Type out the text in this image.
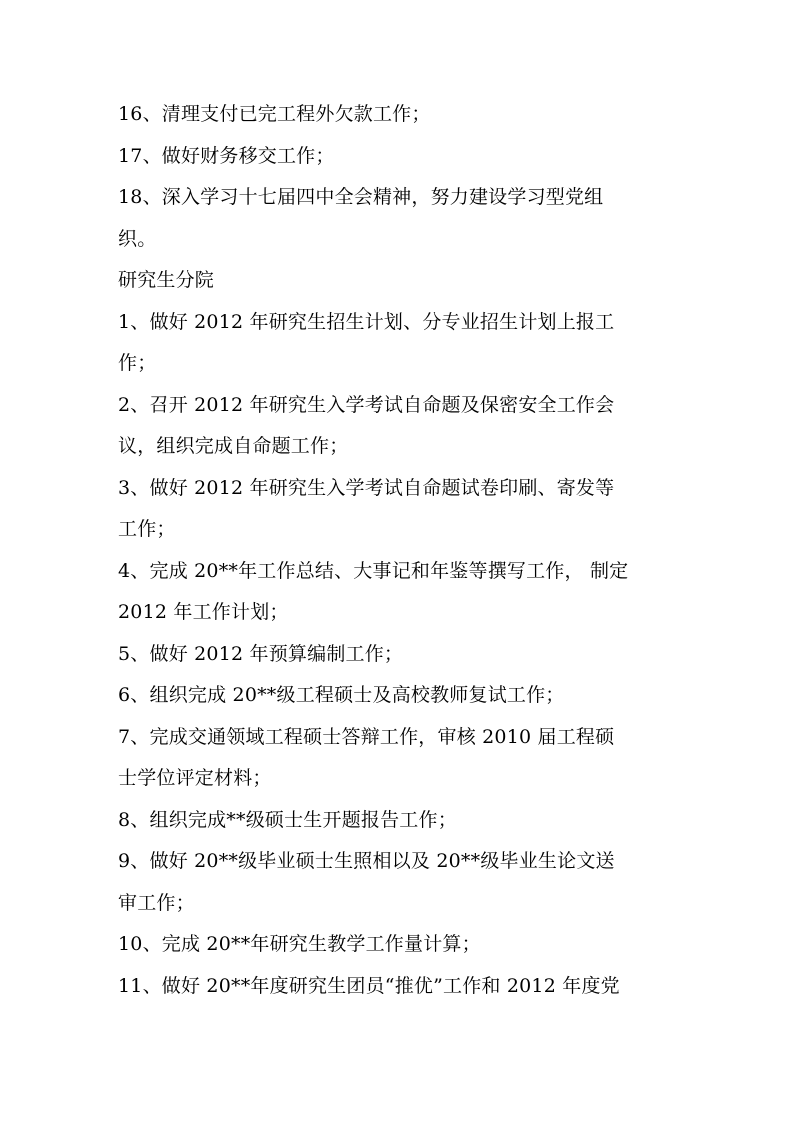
16、清理支付已完工程外欠款工作；
17、做好财务移交工作；
18、深入学习十七届四中全会精神，努力建设学习型党组
织。
研究生分院
1、做好 2012 年研究生招生计划、分专业招生计划上报工
作；
2、召开 2012 年研究生入学考试自命题及保密安全工作会
议，组织完成自命题工作；
3、做好 2012 年研究生入学考试自命题试卷印刷、寄发等
工作；
4、完成 20**年工作总结、大事记和年鉴等撰写工作， 制定
2012 年工作计划；
5、做好 2012 年预算编制工作；
6、组织完成 20**级工程硕士及高校教师复试工作；
7、完成交通领域工程硕士答辩工作，审核 2010 届工程硕
士学位评定材料；
8、组织完成**级硕士生开题报告工作；
9、做好 20**级毕业硕士生照相以及 20**级毕业生论文送
审工作；
10、完成 20**年研究生教学工作量计算；
11、做好 20**年度研究生团员“推优”工作和 2012 年度党
